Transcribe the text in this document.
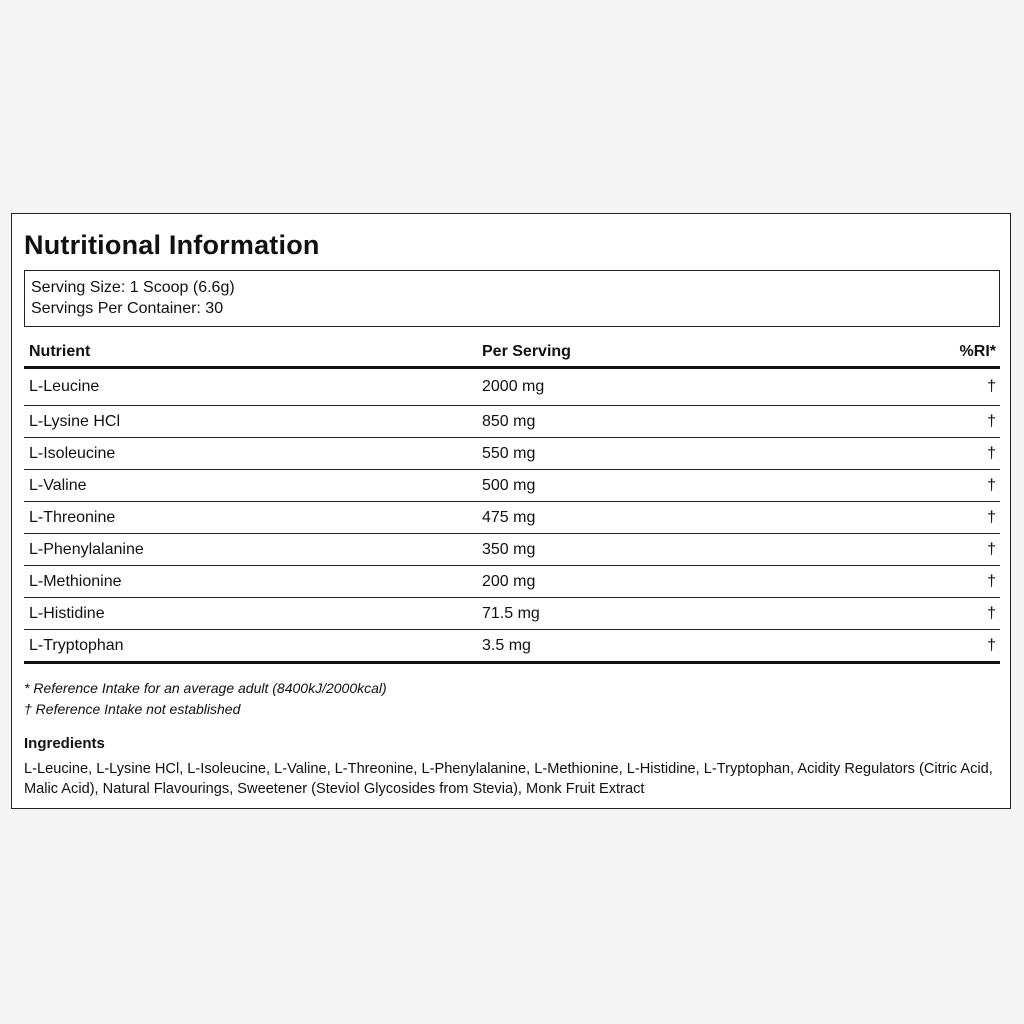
Nutritional Information
Serving Size: 1 Scoop (6.6g)
Servings Per Container: 30
Nutrient	Per Serving	%RI*
L-Leucine	2000 mg	†
L-Lysine HCl	850 mg	†
L-Isoleucine	550 mg	†
L-Valine	500 mg	†
L-Threonine	475 mg	†
L-Phenylalanine	350 mg	†
L-Methionine	200 mg	†
L-Histidine	71.5 mg	†
L-Tryptophan	3.5 mg	†
* Reference Intake for an average adult (8400kJ/2000kcal)
† Reference Intake not established
Ingredients
L-Leucine, L-Lysine HCl, L-Isoleucine, L-Valine, L-Threonine, L-Phenylalanine, L-Methionine, L-Histidine, L-Tryptophan, Acidity Regulators (Citric Acid, Malic Acid), Natural Flavourings, Sweetener (Steviol Glycosides from Stevia), Monk Fruit Extract
